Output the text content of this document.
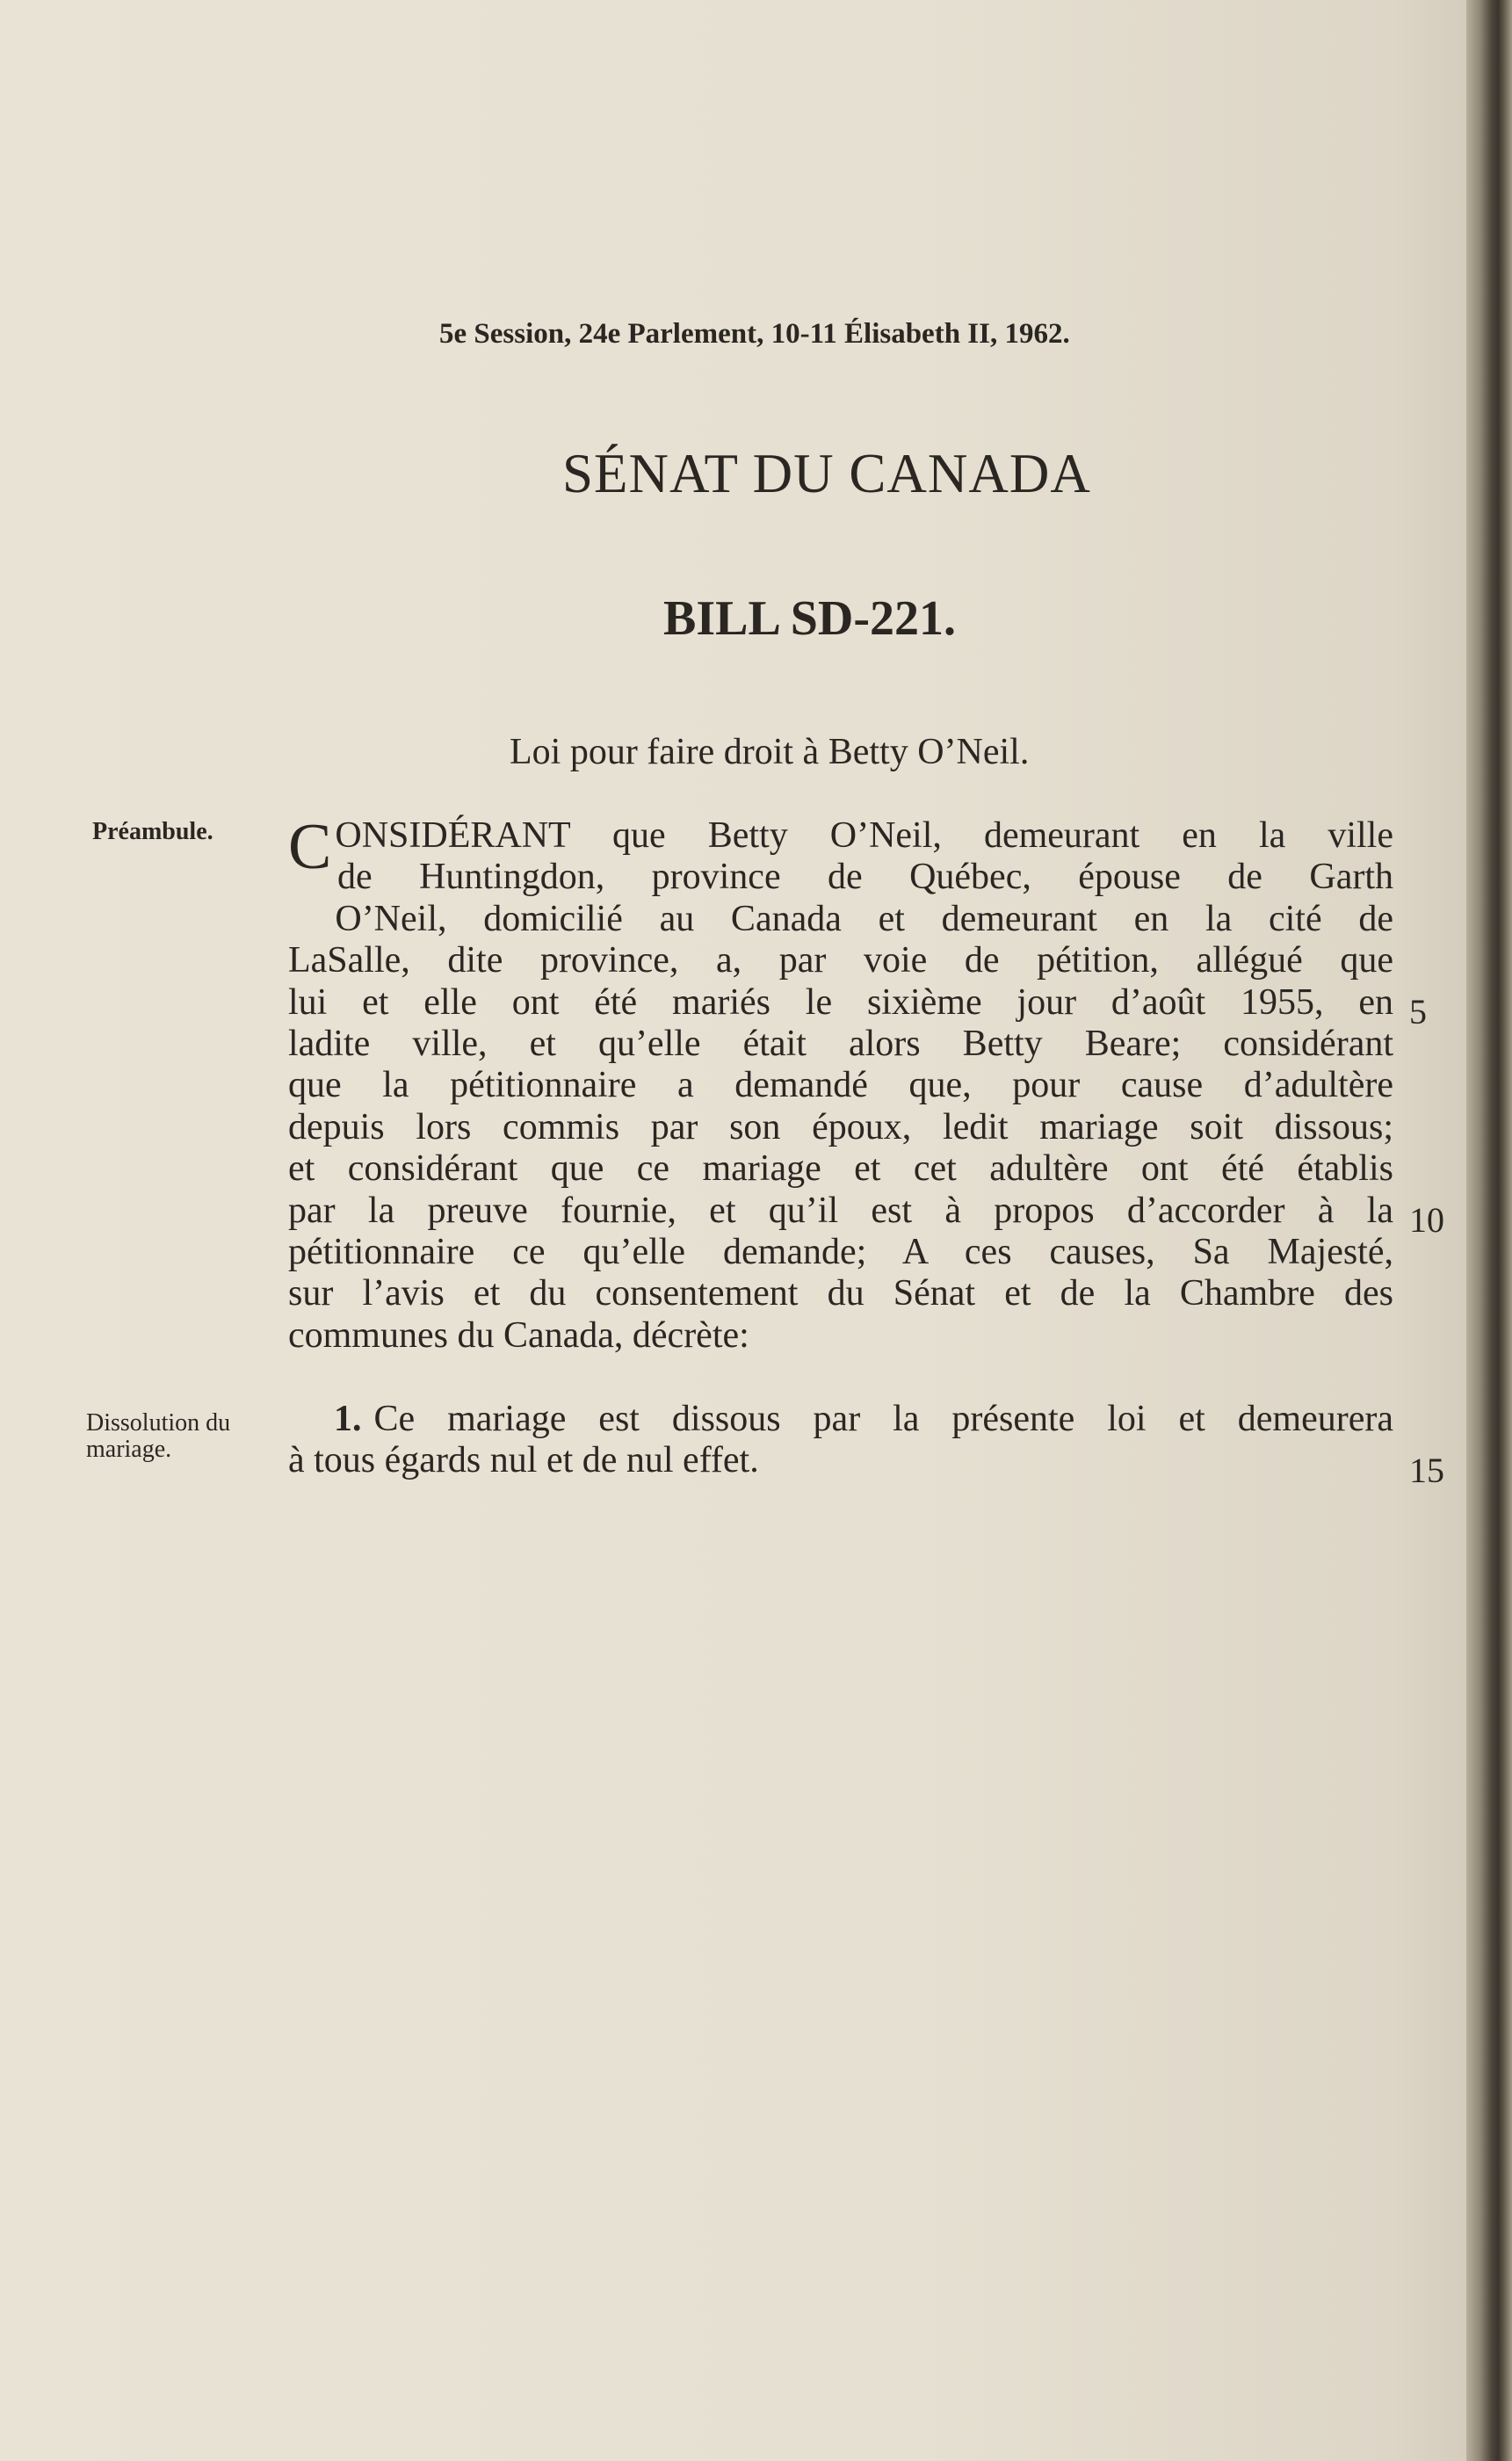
5e Session, 24e Parlement, 10-11 Élisabeth II, 1962.
SÉNAT DU CANADA
BILL SD-221.
Loi pour faire droit à Betty O’Neil.
Préambule.
Dissolution du mariage.
C ONSIDÉRANT que Betty O’Neil, demeurant en la ville
de Huntingdon, province de Québec, épouse de Garth
O’Neil, domicilié au Canada et demeurant en la cité de
LaSalle, dite province, a, par voie de pétition, allégué que
lui et elle ont été mariés le sixième jour d’août 1955, en
ladite ville, et qu’elle était alors Betty Beare; considérant
que la pétitionnaire a demandé que, pour cause d’adultère
depuis lors commis par son époux, ledit mariage soit dissous;
et considérant que ce mariage et cet adultère ont été établis
par la preuve fournie, et qu’il est à propos d’accorder à la
pétitionnaire ce qu’elle demande; A ces causes, Sa Majesté,
sur l’avis et du consentement du Sénat et de la Chambre des
communes du Canada, décrète:
1. Ce mariage est dissous par la présente loi et demeurera
à tous égards nul et de nul effet.
5
10
15
